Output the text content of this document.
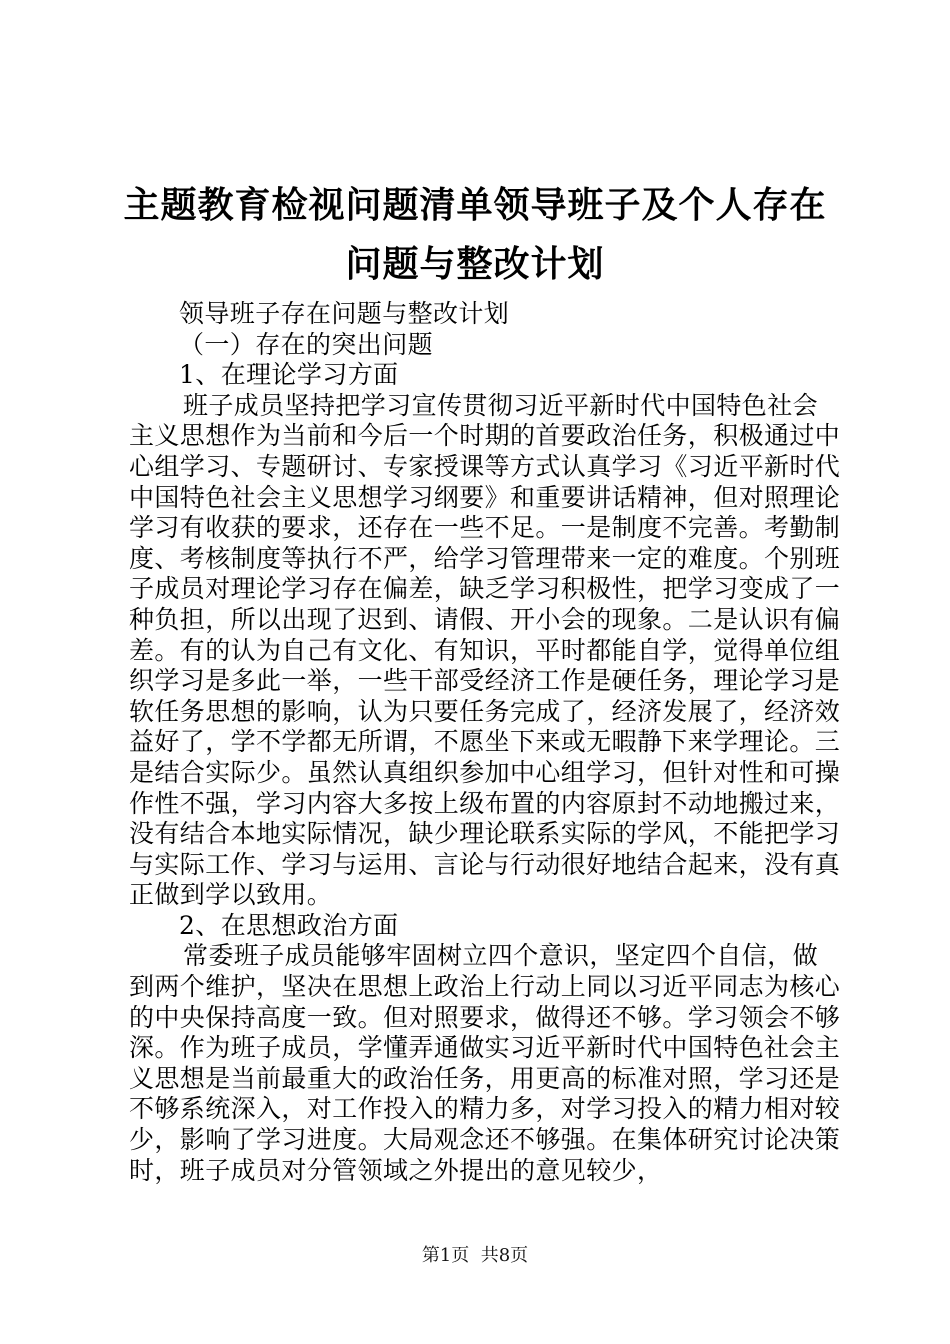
主题教育检视问题清单领导班子及个人存在问题与整改计划

领导班子存在问题与整改计划

（一）存在的突出问题

1、在理论学习方面

班子成员坚持把学习宣传贯彻习近平新时代中国特色社会主义思想作为当前和今后一个时期的首要政治任务，积极通过中心组学习、专题研讨、专家授课等方式认真学习《习近平新时代中国特色社会主义思想学习纲要》和重要讲话精神，但对照理论学习有收获的要求，还存在一些不足。一是制度不完善。考勤制度、考核制度等执行不严，给学习管理带来一定的难度。个别班子成员对理论学习存在偏差，缺乏学习积极性，把学习变成了一种负担，所以出现了迟到、请假、开小会的现象。二是认识有偏差。有的认为自己有文化、有知识，平时都能自学，觉得单位组织学习是多此一举，一些干部受经济工作是硬任务，理论学习是软任务思想的影响，认为只要任务完成了，经济发展了，经济效益好了，学不学都无所谓，不愿坐下来或无暇静下来学理论。三是结合实际少。虽然认真组织参加中心组学习，但针对性和可操作性不强，学习内容大多按上级布置的内容原封不动地搬过来，没有结合本地实际情况，缺少理论联系实际的学风，不能把学习与实际工作、学习与运用、言论与行动很好地结合起来，没有真正做到学以致用。

2、在思想政治方面

常委班子成员能够牢固树立四个意识，坚定四个自信，做到两个维护，坚决在思想上政治上行动上同以习近平同志为核心的中央保持高度一致。但对照要求，做得还不够。学习领会不够深。作为班子成员，学懂弄通做实习近平新时代中国特色社会主义思想是当前最重大的政治任务，用更高的标准对照，学习还是不够系统深入，对工作投入的精力多，对学习投入的精力相对较少，影响了学习进度。大局观念还不够强。在集体研究讨论决策时，班子成员对分管领域之外提出的意见较少，

第1页 共8页
